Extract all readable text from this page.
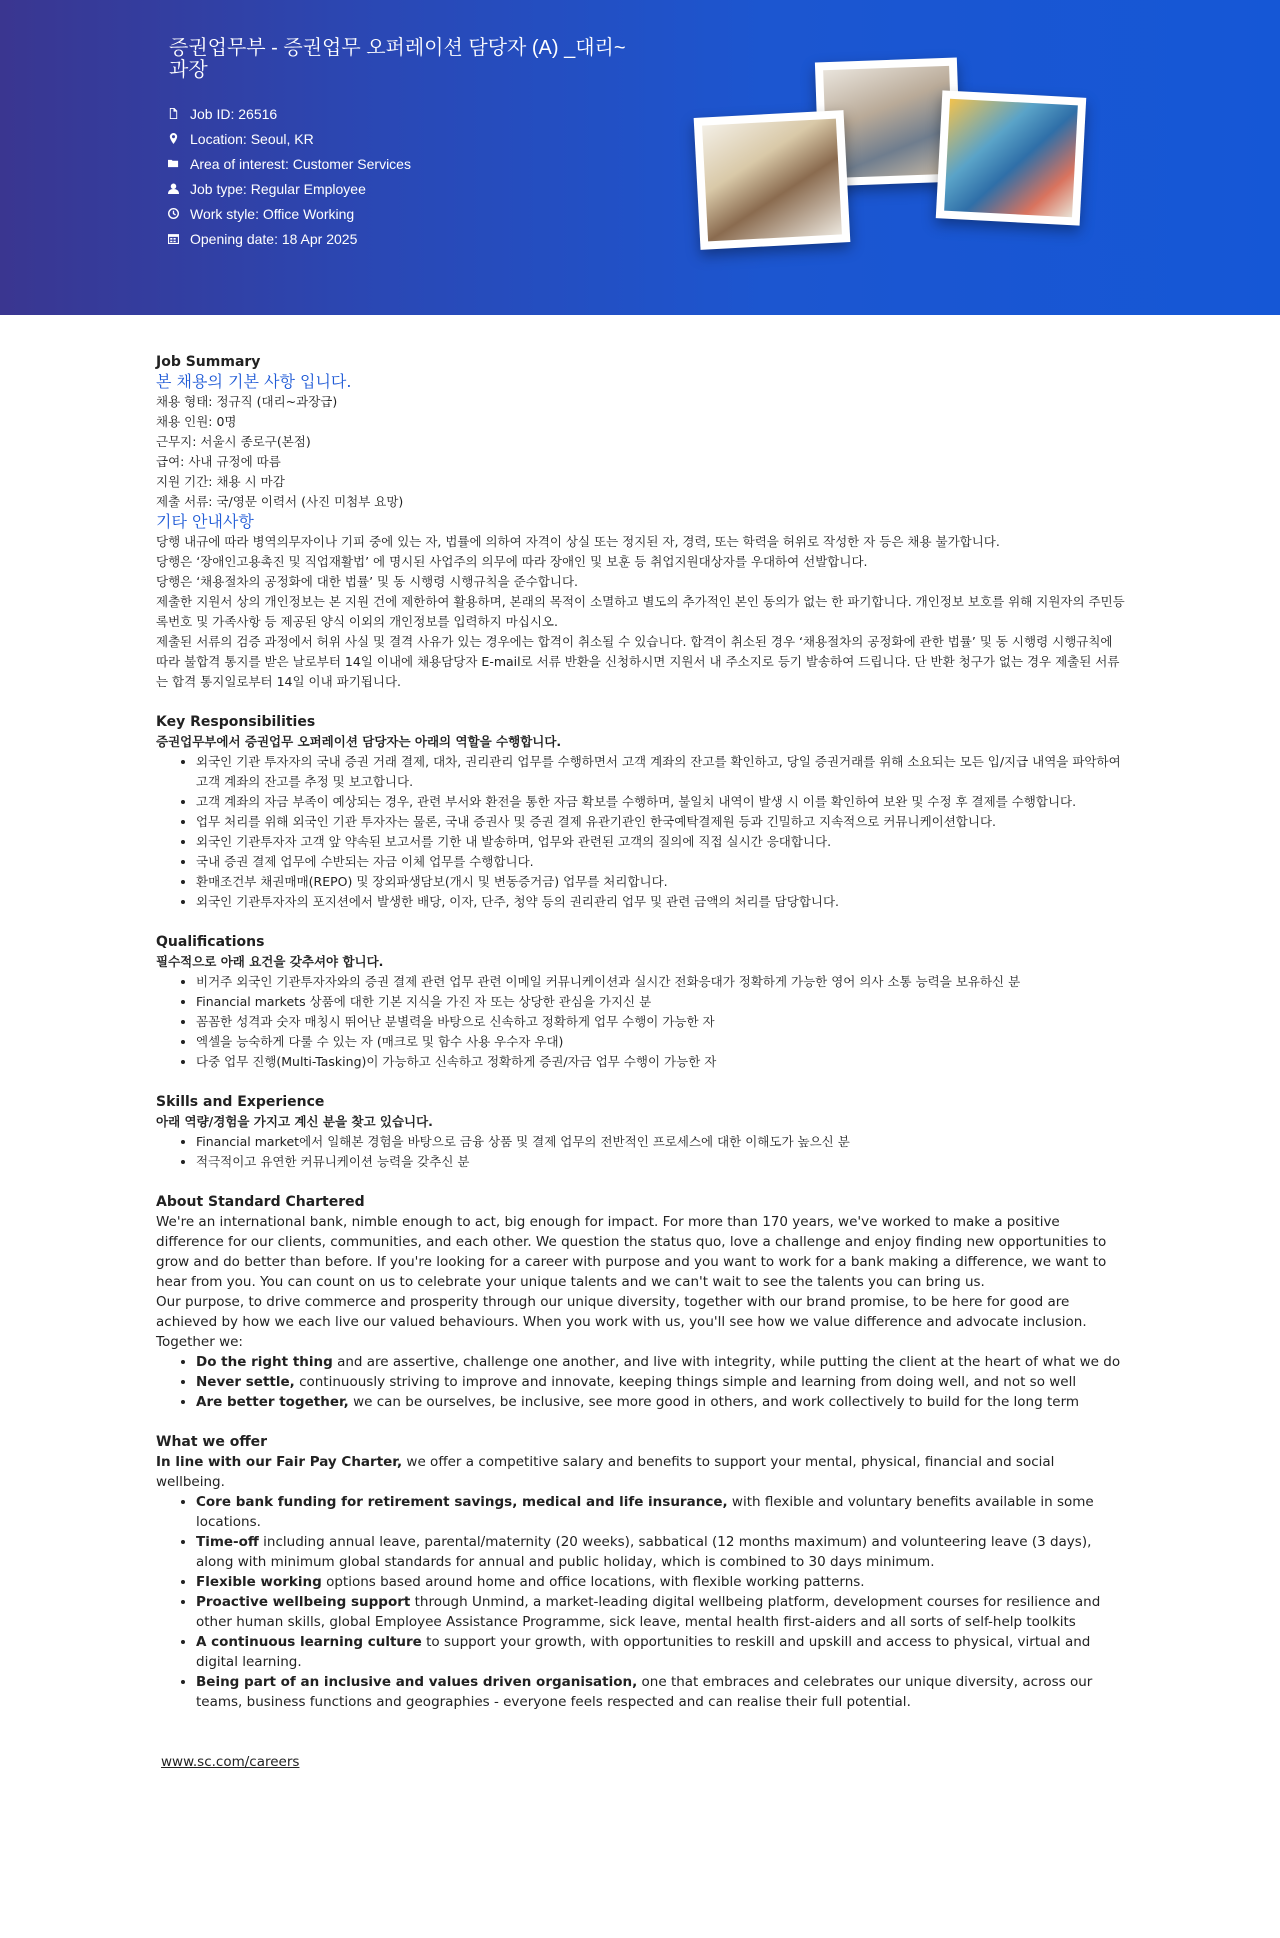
증권업무부 - 증권업무 오퍼레이션 담당자 (A) _대리~과장
Job ID: 26516
Location: Seoul, KR
Area of interest: Customer Services
Job type: Regular Employee
Work style: Office Working
Opening date: 18 Apr 2025
Job Summary

본 채용의 기본 사항 입니다.

채용 형태: 정규직 (대리~과장급)

채용 인원: 0명

근무지: 서울시 종로구(본점)

급여: 사내 규정에 따름

지원 기간: 채용 시 마감

제출 서류: 국/영문 이력서 (사진 미첨부 요망)

기타 안내사항

당행 내규에 따라 병역의무자이나 기피 중에 있는 자, 법률에 의하여 자격이 상실 또는 정지된 자, 경력, 또는 학력을 허위로 작성한 자 등은 채용 불가합니다.

당행은 ‘장애인고용촉진 및 직업재활법’ 에 명시된 사업주의 의무에 따라 장애인 및 보훈 등 취업지원대상자를 우대하여 선발합니다.

당행은 ‘채용절차의 공정화에 대한 법률’ 및 동 시행령 시행규칙을 준수합니다.

제출한 지원서 상의 개인정보는 본 지원 건에 제한하여 활용하며, 본래의 목적이 소멸하고 별도의 추가적인 본인 동의가 없는 한 파기합니다. 개인정보 보호를 위해 지원자의 주민등록번호 및 가족사항 등 제공된 양식 이외의 개인정보를 입력하지 마십시오.

제출된 서류의 검증 과정에서 허위 사실 및 결격 사유가 있는 경우에는 합격이 취소될 수 있습니다. 합격이 취소된 경우 ‘채용절차의 공정화에 관한 법률’ 및 동 시행령 시행규칙에 따라 불합격 통지를 받은 날로부터 14일 이내에 채용담당자 E-mail로 서류 반환을 신청하시면 지원서 내 주소지로 등기 발송하여 드립니다. 단 반환 청구가 없는 경우 제출된 서류는 합격 통지일로부터 14일 이내 파기됩니다.

Key Responsibilities

증권업무부에서 증권업무 오퍼레이션 담당자는 아래의 역할을 수행합니다.

• 외국인 기관 투자자의 국내 증권 거래 결제, 대차, 권리관리 업무를 수행하면서 고객 계좌의 잔고를 확인하고, 당일 증권거래를 위해 소요되는 모든 입/지급 내역을 파악하여 고객 계좌의 잔고를 추정 및 보고합니다.
• 고객 계좌의 자금 부족이 예상되는 경우, 관련 부서와 환전을 통한 자금 확보를 수행하며, 불일치 내역이 발생 시 이를 확인하여 보완 및 수정 후 결제를 수행합니다.
• 업무 처리를 위해 외국인 기관 투자자는 물론, 국내 증권사 및 증권 결제 유관기관인 한국예탁결제원 등과 긴밀하고 지속적으로 커뮤니케이션합니다.
• 외국인 기관투자자 고객 앞 약속된 보고서를 기한 내 발송하며, 업무와 관련된 고객의 질의에 직접 실시간 응대합니다.
• 국내 증권 결제 업무에 수반되는 자금 이체 업무를 수행합니다.
• 환매조건부 채권매매(REPO) 및 장외파생담보(개시 및 변동증거금) 업무를 처리합니다.
• 외국인 기관투자자의 포지션에서 발생한 배당, 이자, 단주, 청약 등의 권리관리 업무 및 관련 금액의 처리를 담당합니다.
Qualifications

필수적으로 아래 요건을 갖추셔야 합니다.

• 비거주 외국인 기관투자자와의 증권 결제 관련 업무 관련 이메일 커뮤니케이션과 실시간 전화응대가 정확하게 가능한 영어 의사 소통 능력을 보유하신 분
• Financial markets 상품에 대한 기본 지식을 가진 자 또는 상당한 관심을 가지신 분
• 꼼꼼한 성격과 숫자 매칭시 뛰어난 분별력을 바탕으로 신속하고 정확하게 업무 수행이 가능한 자
• 엑셀을 능숙하게 다룰 수 있는 자 (매크로 및 함수 사용 우수자 우대)
• 다중 업무 진행(Multi-Tasking)이 가능하고 신속하고 정확하게 증권/자금 업무 수행이 가능한 자
Skills and Experience

아래 역량/경험을 가지고 계신 분을 찾고 있습니다.

• Financial market에서 일해본 경험을 바탕으로 금융 상품 및 결제 업무의 전반적인 프로세스에 대한 이해도가 높으신 분
• 적극적이고 유연한 커뮤니케이션 능력을 갖추신 분
About Standard Chartered

We're an international bank, nimble enough to act, big enough for impact. For more than 170 years, we've worked to make a positive difference for our clients, communities, and each other. We question the status quo, love a challenge and enjoy finding new opportunities to grow and do better than before. If you're looking for a career with purpose and you want to work for a bank making a difference, we want to hear from you. You can count on us to celebrate your unique talents and we can't wait to see the talents you can bring us.

Our purpose, to drive commerce and prosperity through our unique diversity, together with our brand promise, to be here for good are achieved by how we each live our valued behaviours. When you work with us, you'll see how we value difference and advocate inclusion.

Together we:

• Do the right thing and are assertive, challenge one another, and live with integrity, while putting the client at the heart of what we do
• Never settle, continuously striving to improve and innovate, keeping things simple and learning from doing well, and not so well
• Are better together, we can be ourselves, be inclusive, see more good in others, and work collectively to build for the long term
What we offer

In line with our Fair Pay Charter, we offer a competitive salary and benefits to support your mental, physical, financial and social wellbeing.

• Core bank funding for retirement savings, medical and life insurance, with flexible and voluntary benefits available in some locations.
• Time-off including annual leave, parental/maternity (20 weeks), sabbatical (12 months maximum) and volunteering leave (3 days), along with minimum global standards for annual and public holiday, which is combined to 30 days minimum.
• Flexible working options based around home and office locations, with flexible working patterns.
• Proactive wellbeing support through Unmind, a market-leading digital wellbeing platform, development courses for resilience and other human skills, global Employee Assistance Programme, sick leave, mental health first-aiders and all sorts of self-help toolkits
• A continuous learning culture to support your growth, with opportunities to reskill and upskill and access to physical, virtual and digital learning.
• Being part of an inclusive and values driven organisation, one that embraces and celebrates our unique diversity, across our teams, business functions and geographies - everyone feels respected and can realise their full potential.
www.sc.com/careers
